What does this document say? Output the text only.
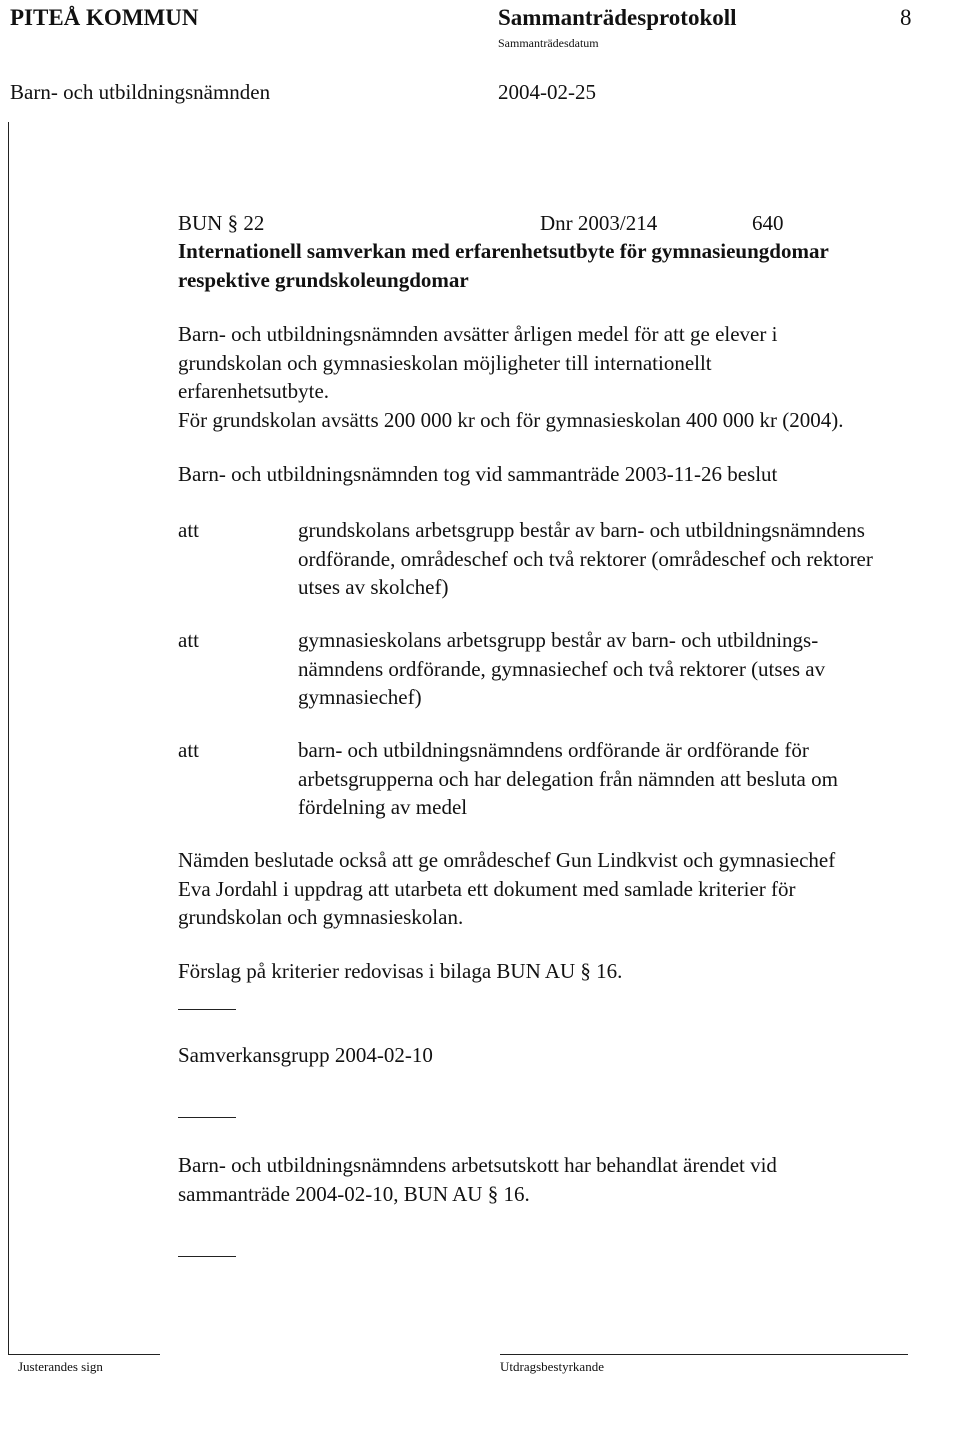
PITEÅ KOMMUN	Sammanträdesprotokoll	8
Sammanträdesdatum
Barn- och utbildningsnämnden	2004-02-25
BUN § 22	Dnr 2003/214	640
Internationell samverkan med erfarenhetsutbyte för gymnasieungdomar
respektive grundskoleungdomar
Barn- och utbildningsnämnden avsätter årligen medel för att ge elever i
grundskolan och gymnasieskolan möjligheter till internationellt
erfarenhetsutbyte.
För grundskolan avsätts 200 000 kr och för gymnasieskolan 400 000 kr (2004).
Barn- och utbildningsnämnden tog vid sammanträde 2003-11-26 beslut
att	grundskolans arbetsgrupp består av barn- och utbildningsnämndens
ordförande, områdeschef och två rektorer (områdeschef och rektorer
utses av skolchef)
att	gymnasieskolans arbetsgrupp består av barn- och utbildnings-
nämndens ordförande, gymnasiechef och två rektorer (utses av
gymnasiechef)
att	barn- och utbildningsnämndens ordförande är ordförande för
arbetsgrupperna och har delegation från nämnden att besluta om
fördelning av medel
Nämden beslutade också att ge områdeschef Gun Lindkvist och gymnasiechef
Eva Jordahl i uppdrag att utarbeta ett dokument med samlade kriterier för
grundskolan och gymnasieskolan.
Förslag på kriterier redovisas i bilaga BUN AU § 16.
Samverkansgrupp 2004-02-10
Barn- och utbildningsnämndens arbetsutskott har behandlat ärendet vid
sammanträde 2004-02-10, BUN AU § 16.
Justerandes sign	Utdragsbestyrkande
